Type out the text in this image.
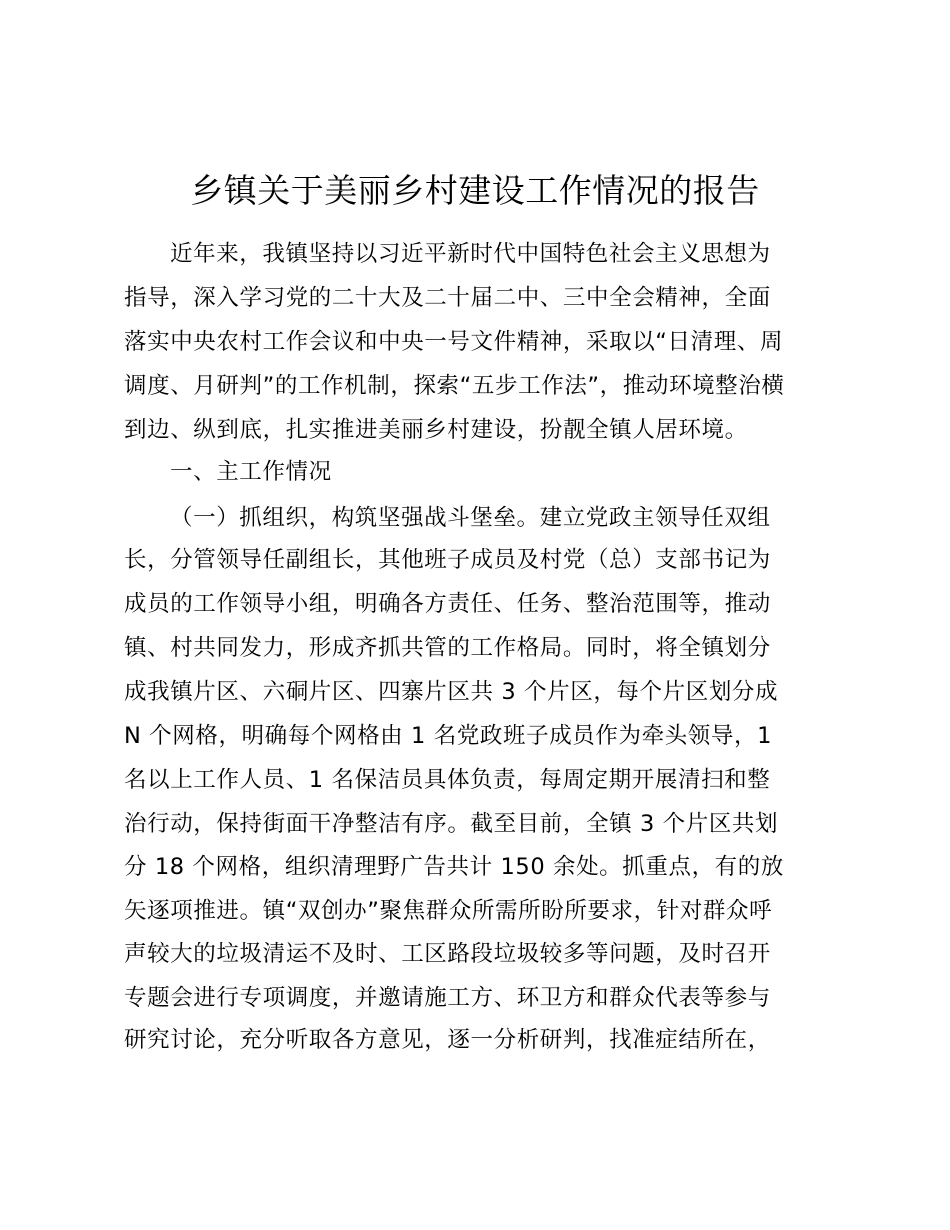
乡镇关于美丽乡村建设工作情况的报告
近年来，我镇坚持以习近平新时代中国特色社会主义思想为
指导，深入学习党的二十大及二十届二中、三中全会精神，全面
落实中央农村工作会议和中央一号文件精神，采取以“日清理、周
调度、月研判”的工作机制，探索“五步工作法”，推动环境整治横
到边、纵到底，扎实推进美丽乡村建设，扮靓全镇人居环境。
一、主工作情况
（一）抓组织，构筑坚强战斗堡垒。建立党政主领导任双组
长，分管领导任副组长，其他班子成员及村党（总）支部书记为
成员的工作领导小组，明确各方责任、任务、整治范围等，推动
镇、村共同发力，形成齐抓共管的工作格局。同时，将全镇划分
成我镇片区、六硐片区、四寨片区共 3 个片区，每个片区划分成
N 个网格，明确每个网格由 1 名党政班子成员作为牵头领导，1
名以上工作人员、1 名保洁员具体负责，每周定期开展清扫和整
治行动，保持街面干净整洁有序。截至目前，全镇 3 个片区共划
分 18 个网格，组织清理野广告共计 150 余处。抓重点，有的放
矢逐项推进。镇“双创办”聚焦群众所需所盼所要求，针对群众呼
声较大的垃圾清运不及时、工区路段垃圾较多等问题，及时召开
专题会进行专项调度，并邀请施工方、环卫方和群众代表等参与
研究讨论，充分听取各方意见，逐一分析研判，找准症结所在，
